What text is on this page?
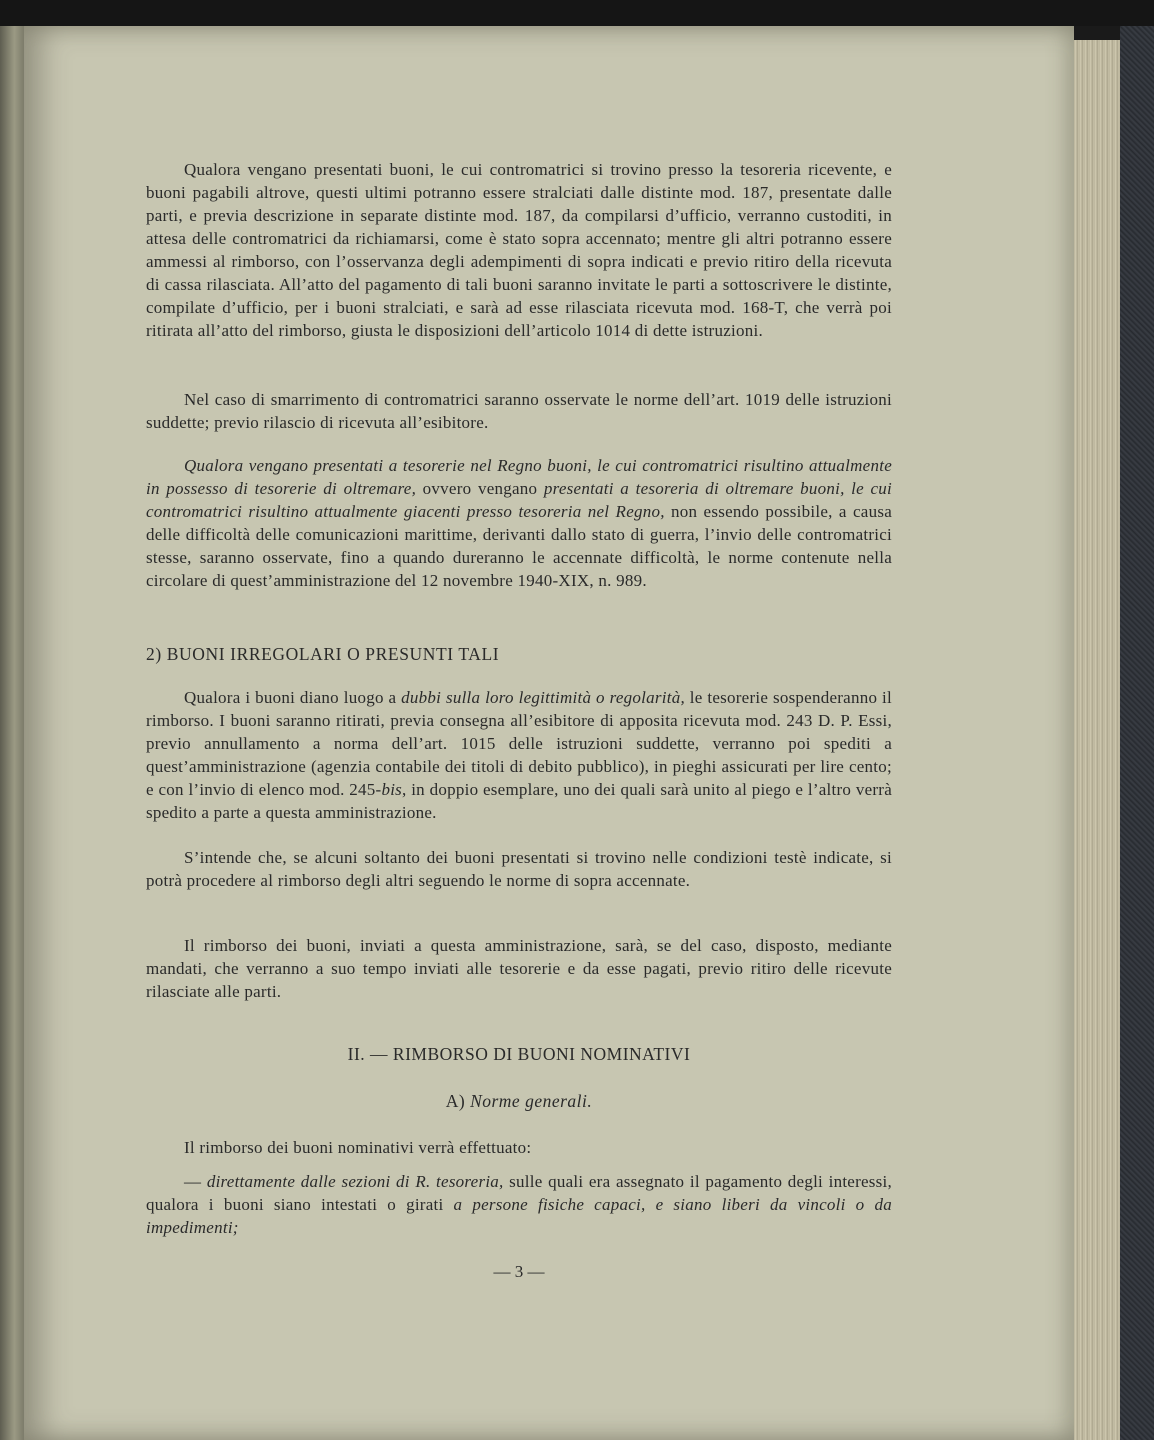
Qualora vengano presentati buoni, le cui contromatrici si trovino presso la tesoreria ricevente, e buoni pagabili altrove, questi ultimi potranno essere stralciati dalle distinte mod. 187, presentate dalle parti, e previa descrizione in separate distinte mod. 187, da compilarsi d’ufficio, verranno custoditi, in attesa delle contromatrici da richiamarsi, come è stato sopra accennato; mentre gli altri potranno essere ammessi al rimborso, con l’osservanza degli adempimenti di sopra indicati e previo ritiro della ricevuta di cassa rilasciata. All’atto del pagamento di tali buoni saranno invitate le parti a sottoscrivere le distinte, compilate d’ufficio, per i buoni stralciati, e sarà ad esse rilasciata ricevuta mod. 168-T, che verrà poi ritirata all’atto del rimborso, giusta le disposizioni dell’articolo 1014 di dette istruzioni.

Nel caso di smarrimento di contromatrici saranno osservate le norme dell’art. 1019 delle istruzioni suddette; previo rilascio di ricevuta all’esibitore.

Qualora vengano presentati a tesorerie nel Regno buoni, le cui contromatrici risultino attualmente in possesso di tesorerie di oltremare, ovvero vengano presentati a tesoreria di oltremare buoni, le cui contromatrici risultino attualmente giacenti presso tesoreria nel Regno, non essendo possibile, a causa delle difficoltà delle comunicazioni marittime, derivanti dallo stato di guerra, l’invio delle contromatrici stesse, saranno osservate, fino a quando dureranno le accennate difficoltà, le norme contenute nella circolare di quest’amministrazione del 12 novembre 1940-XIX, n. 989.

2) BUONI IRREGOLARI O PRESUNTI TALI

Qualora i buoni diano luogo a dubbi sulla loro legittimità o regolarità, le tesorerie sospenderanno il rimborso. I buoni saranno ritirati, previa consegna all’esibitore di apposita ricevuta mod. 243 D. P. Essi, previo annullamento a norma dell’art. 1015 delle istruzioni suddette, verranno poi spediti a quest’amministrazione (agenzia contabile dei titoli di debito pubblico), in pieghi assicurati per lire cento; e con l’invio di elenco mod. 245-bis, in doppio esemplare, uno dei quali sarà unito al piego e l’altro verrà spedito a parte a questa amministrazione.

S’intende che, se alcuni soltanto dei buoni presentati si trovino nelle condizioni testè indicate, si potrà procedere al rimborso degli altri seguendo le norme di sopra accennate.

Il rimborso dei buoni, inviati a questa amministrazione, sarà, se del caso, disposto, mediante mandati, che verranno a suo tempo inviati alle tesorerie e da esse pagati, previo ritiro delle ricevute rilasciate alle parti.

II. — RIMBORSO DI BUONI NOMINATIVI

A) Norme generali.

Il rimborso dei buoni nominativi verrà effettuato:

— direttamente dalle sezioni di R. tesoreria, sulle quali era assegnato il pagamento degli interessi, qualora i buoni siano intestati o girati a persone fisiche capaci, e siano liberi da vincoli o da impedimenti;

— 3 —
